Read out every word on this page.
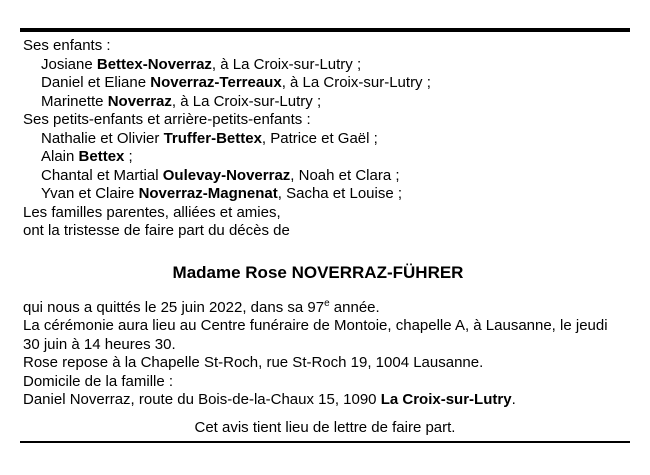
Ses enfants :
Josiane Bettex-Noverraz, à La Croix-sur-Lutry ;
Daniel et Eliane Noverraz-Terreaux, à La Croix-sur-Lutry ;
Marinette Noverraz, à La Croix-sur-Lutry ;
Ses petits-enfants et arrière-petits-enfants :
Nathalie et Olivier Truffer-Bettex, Patrice et Gaël ;
Alain Bettex ;
Chantal et Martial Oulevay-Noverraz, Noah et Clara ;
Yvan et Claire Noverraz-Magnenat, Sacha et Louise ;
Les familles parentes, alliées et amies,
ont la tristesse de faire part du décès de
Madame Rose NOVERRAZ-FÜHRER
qui nous a quittés le 25 juin 2022, dans sa 97e année.
La cérémonie aura lieu au Centre funéraire de Montoie, chapelle A, à Lausanne, le jeudi 30 juin à 14 heures 30.
Rose repose à la Chapelle St-Roch, rue St-Roch 19, 1004 Lausanne.
Domicile de la famille :
Daniel Noverraz, route du Bois-de-la-Chaux 15, 1090 La Croix-sur-Lutry.
Cet avis tient lieu de lettre de faire part.
